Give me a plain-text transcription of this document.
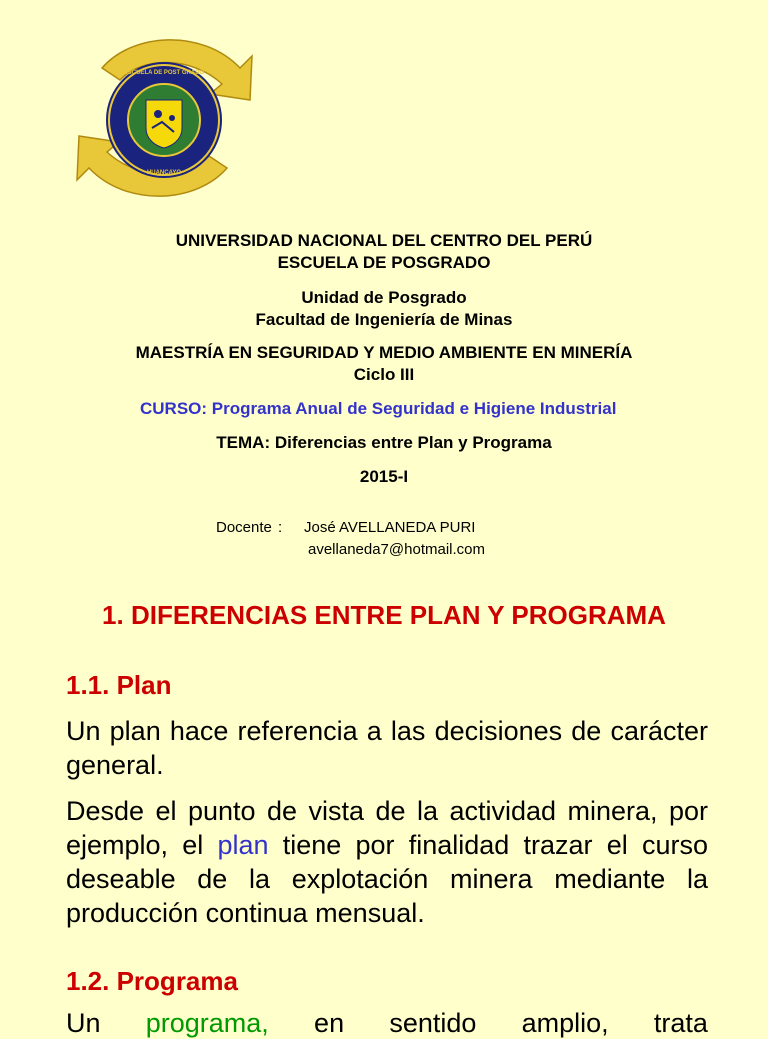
ESCUELA DE POST GRADO
HUANCAYO
UNIVERSIDAD NACIONAL DEL CENTRO DEL PERÚ
ESCUELA DE POSGRADO
Unidad de Posgrado
Facultad de Ingeniería de Minas
MAESTRÍA EN SEGURIDAD Y MEDIO AMBIENTE EN MINERÍA
Ciclo III
CURSO: Programa Anual de Seguridad e Higiene Industrial
TEMA: Diferencias entre Plan y Programa
2015-I
Docente : José AVELLANEDA PURI
avellaneda7@hotmail.com
1. DIFERENCIAS ENTRE PLAN Y PROGRAMA
1.1. Plan
Un plan hace referencia a las decisiones de carácter general.
Desde el punto de vista de la actividad minera, por ejemplo, el plan tiene por finalidad trazar el curso deseable de la explotación minera mediante la producción continua mensual.
1.2. Programa
Un programa, en sentido amplio, trata
